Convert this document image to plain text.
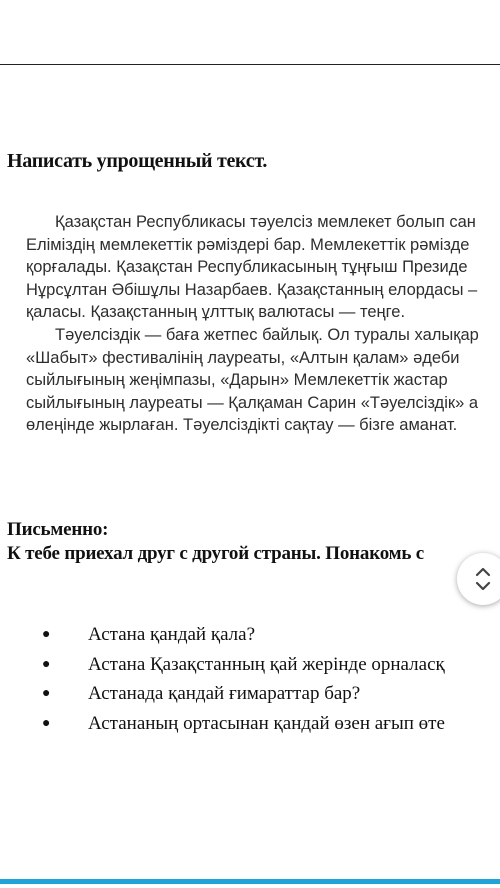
Написать упрощенный текст.
Қазақстан Республикасы тәуелсіз мемлекет болып сан
Еліміздің мемлекеттік рәміздері бар. Мемлекеттік рәмізде
қорғалады. Қазақстан Республикасының тұңғыш Президе
Нұрсұлтан Әбішұлы Назарбаев. Қазақстанның елордасы –
қаласы. Қазақстанның ұлттық валютасы — теңге.
Тәуелсіздік — баға жетпес байлық. Ол туралы халықар
«Шабыт» фестивалінің лауреаты, «Алтын қалам» әдеби
сыйлығының жеңімпазы, «Дарын» Мемлекеттік жастар
сыйлығының лауреаты — Қалқаман Сарин «Тәуелсіздік» а
өлеңінде жырлаған. Тәуелсіздікті сақтау — бізге аманат.
Письменно:
К тебе приехал друг с другой страны. Понакомь с
● Астана қандай қала?
● Астана Қазақстанның қай жерінде орналасқ
● Астанада қандай ғимараттар бар?
● Астананың ортасынан қандай өзен ағып өте
